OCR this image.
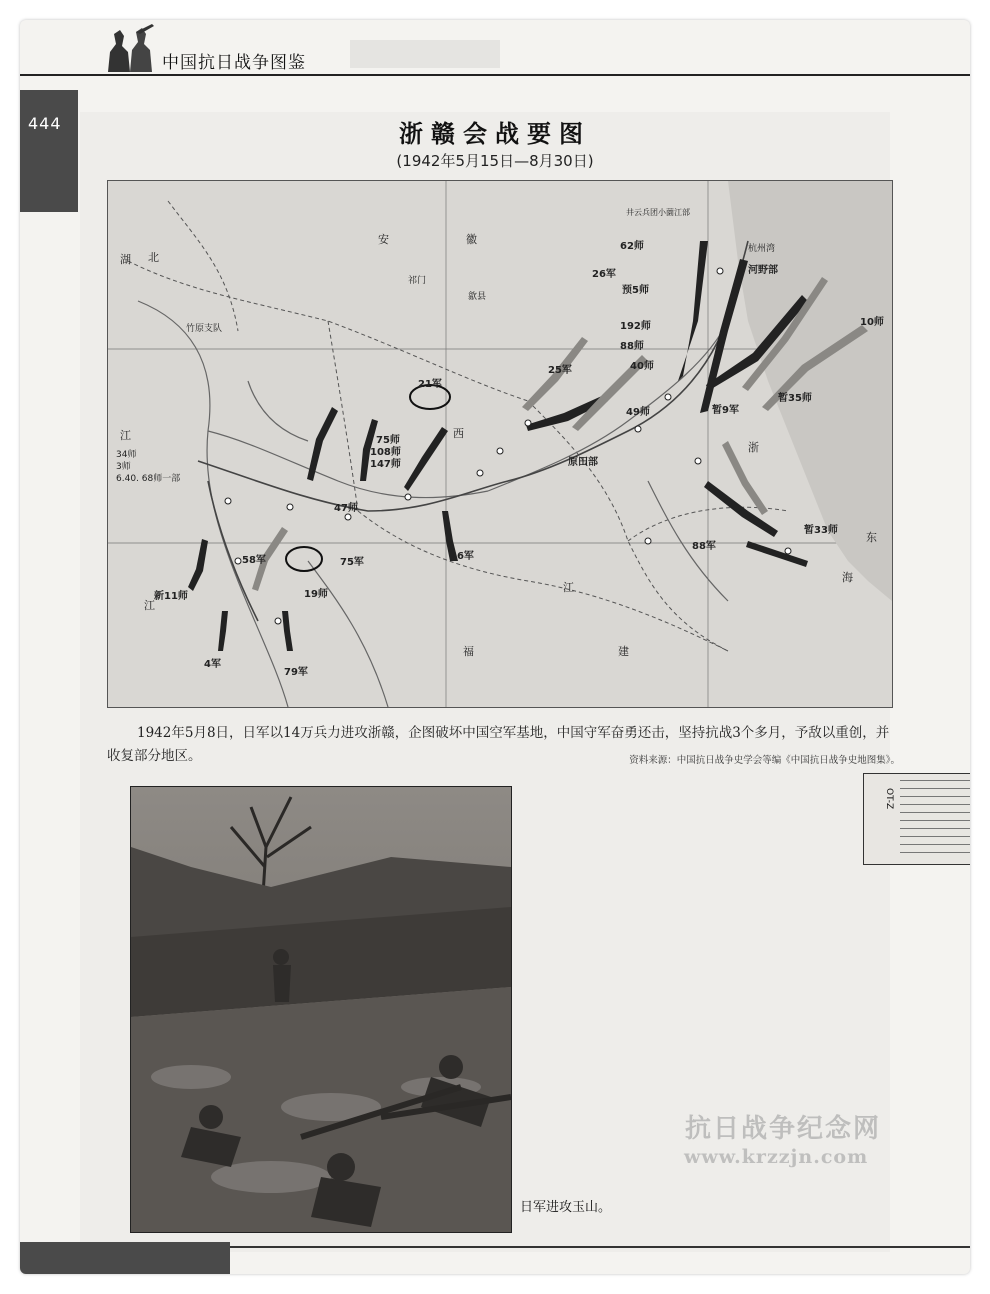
中国抗日战争图鉴
444	浙赣会战要图
(1942年5月15日—8月30日)
湖 北
安	徽
西
浙
江
福	建
东
海
江
江
杭州湾
歙县
祁门
竹原支队
34师
3师
6.40. 68师一部
井云兵团小薗江部
21军
26军
62师
预5师
192师
88师
25军	40师
49师	暂9军
暂35师
暂33师
75师
108师
147师
47师
75军
58军
19师
新11师
4军
79军
26军
88军
10师
河野部
原田部
OT-Z
1942年5月8日，日军以14万兵力进攻浙赣，企图破坏中国空军基地，中国守军奋勇还击，坚持抗战3个多月，予敌以重创，并收复部分地区。	资料来源：中国抗日战争史学会等编《中国抗日战争史地图集》。
日军进攻玉山。
抗日战争纪念网
www.krzzjn.com
